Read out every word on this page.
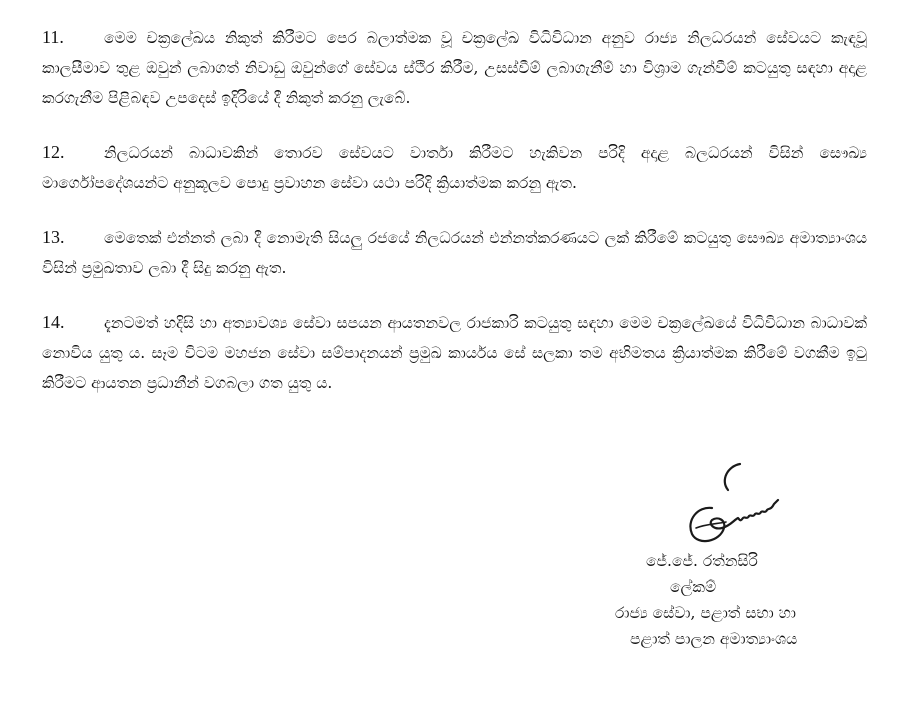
11.	මෙම චක්‍රලේඛය නිකුත් කිරීමට පෙර බලාත්මක වූ චක්‍රලේඛ විධිවිධාන අනුව රාජ්‍ය නිලධරයන් සේවයට කැඳවූ කාලසීමාව තුළ ඔවුන් ලබාගත් නිවාඩු ඔවුන්ගේ සේවය ස්ථිර කිරීම, උසස්වීම් ලබාගැනීම් හා විශ්‍රාම ගැන්වීම් කටයුතු සඳහා අදාළ කරගැනීම පිළිබඳව උපදෙස් ඉදිරියේ දී නිකුත් කරනු ලැබේ.

12.	නිලධරයන් බාධාවකින් තොරව සේවයට වාර්තා කිරීමට හැකිවන පරිදි අදාළ බලධරයන් විසින් සෞඛ්‍ය මාර්ගෝපදේශයන්ට අනුකූලව පොදු ප්‍රවාහන සේවා යථා පරිදි ක්‍රියාත්මක කරනු ඇත.

13.	මෙතෙක් එන්නත් ලබා දී නොමැති සියලු රජයේ නිලධරයන් එන්නත්කරණයට ලක් කිරීමේ කටයුතු සෞඛ්‍ය අමාත්‍යාංශය විසින් ප්‍රමුඛතාව ලබා දී සිදු කරනු ඇත.

14.	දැනටමත් හදිසි හා අත්‍යාවශ්‍ය සේවා සපයන ආයතනවල රාජකාරි කටයුතු සඳහා මෙම චක්‍රලේඛයේ විධිවිධාන බාධාවක් නොවිය යුතු ය. සෑම විටම මහජන සේවා සම්පාදනයන් ප්‍රමුඛ කාර්යය සේ සලකා තම අභිමතය ක්‍රියාත්මක කිරීමේ වගකීම ඉටු කිරීමට ආයතන ප්‍රධානීන් වගබලා ගත යුතු ය.

ජේ.ජේ. රත්නසිරි
ලේකම්
රාජ්‍ය සේවා, පළාත් සභා හා
පළාත් පාලන අමාත්‍යාංශය
